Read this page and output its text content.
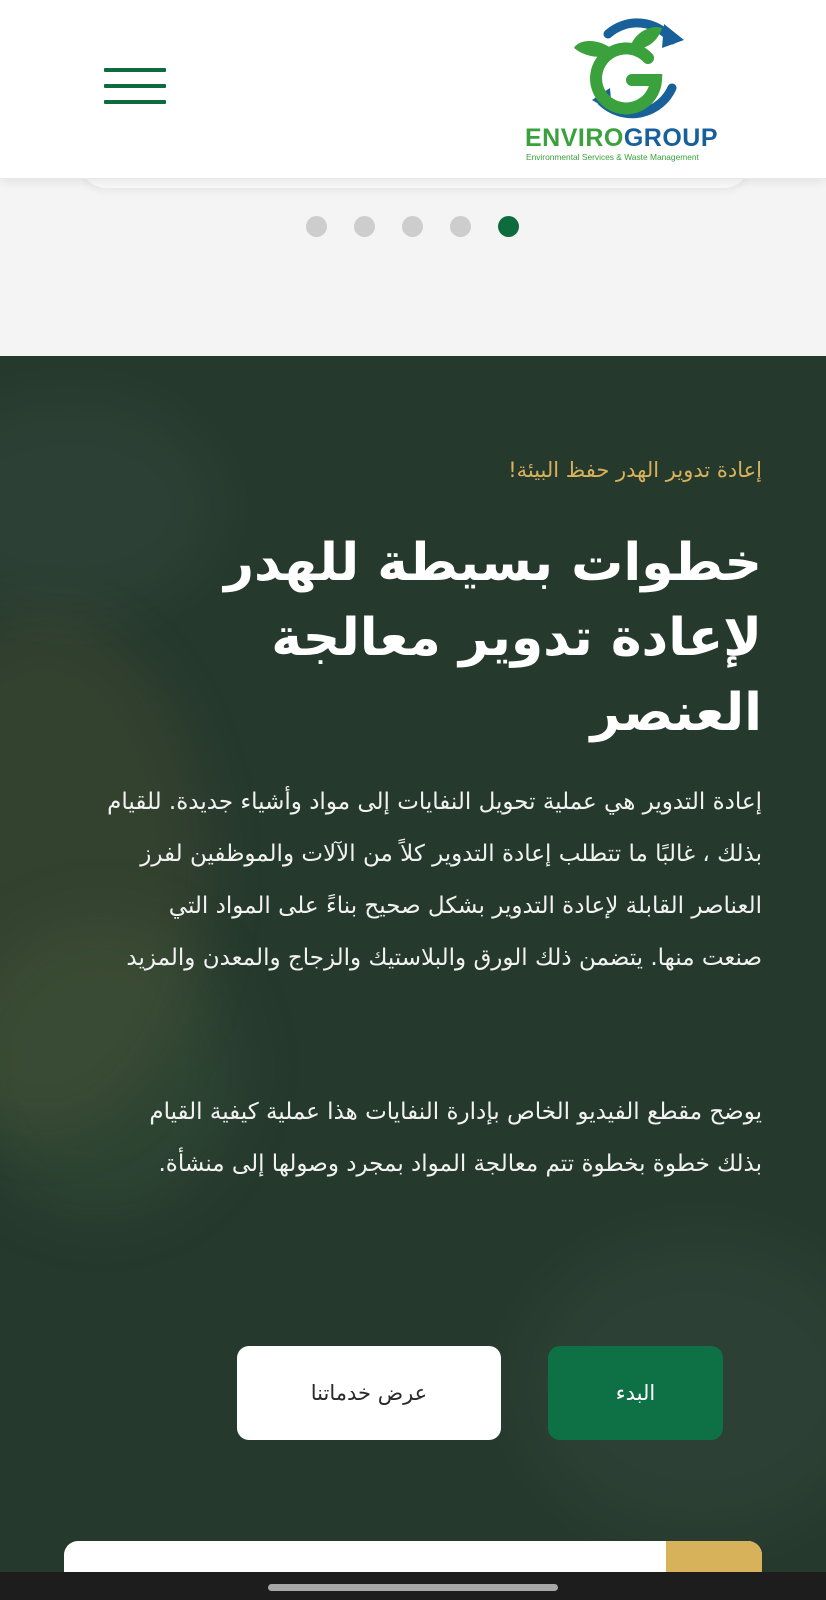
ENVIROGROUP
Environmental Services & Waste Management
إعادة تدوير الهدر حفظ البيئة!
خطوات بسيطة للهدر لإعادة تدوير معالجة العنصر
إعادة التدوير هي عملية تحويل النفايات إلى مواد وأشياء جديدة. للقيام بذلك ، غالبًا ما تتطلب إعادة التدوير كلاً من الآلات والموظفين لفرز العناصر القابلة لإعادة التدوير بشكل صحيح بناءً على المواد التي صنعت منها. يتضمن ذلك الورق والبلاستيك والزجاج والمعدن والمزيد
يوضح مقطع الفيديو الخاص بإدارة النفايات هذا عملية كيفية القيام بذلك خطوة بخطوة تتم معالجة المواد بمجرد وصولها إلى منشأة.
البدء
عرض خدماتنا
